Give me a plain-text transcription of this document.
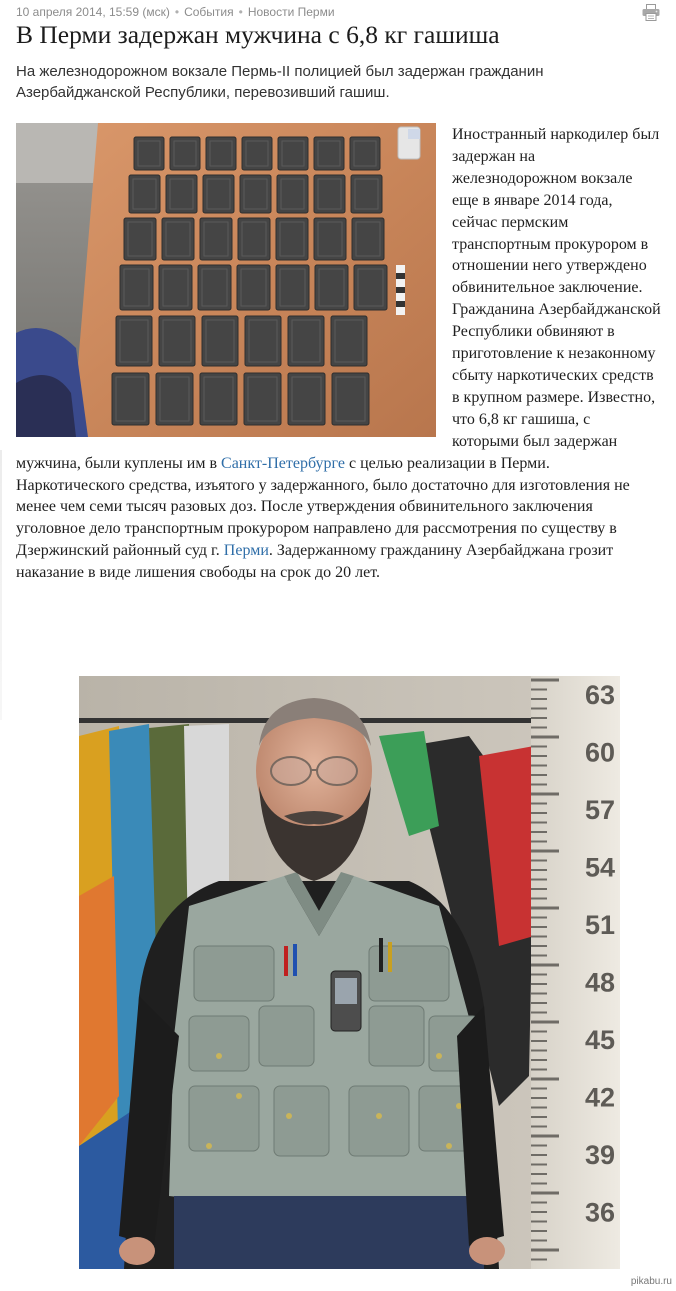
10 апреля 2014, 15:59 (мск) • События • Новости Перми
В Перми задержан мужчина с 6,8 кг гашиша

На железнодорожном вокзале Пермь-II полицией был задержан гражданин Азербайджанской Республики, перевозивший гашиш.

Иностранный наркодилер был задержан на железнодорожном вокзале еще в январе 2014 года, сейчас пермским транспортным прокурором в отношении него утверждено обвинительное заключение. Гражданина Азербайджанской Республики обвиняют в приготовление к незаконному сбыту наркотических средств в крупном размере. Известно, что 6,8 кг гашиша, с которыми был задержан мужчина, были куплены им в Санкт-Петербурге с целью реализации в Перми. Наркотического средства, изъятого у задержанного, было достаточно для изготовления не менее чем семи тысяч разовых доз. После утверждения обвинительного заключения уголовное дело транспортным прокурором направлено для рассмотрения по существу в Дзержинский районный суд г. Перми. Задержанному гражданину Азербайджана грозит наказание в виде лишения свободы на срок до 20 лет.
63
60
57
54
51
48
45
42
39
36
pikabu.ru
